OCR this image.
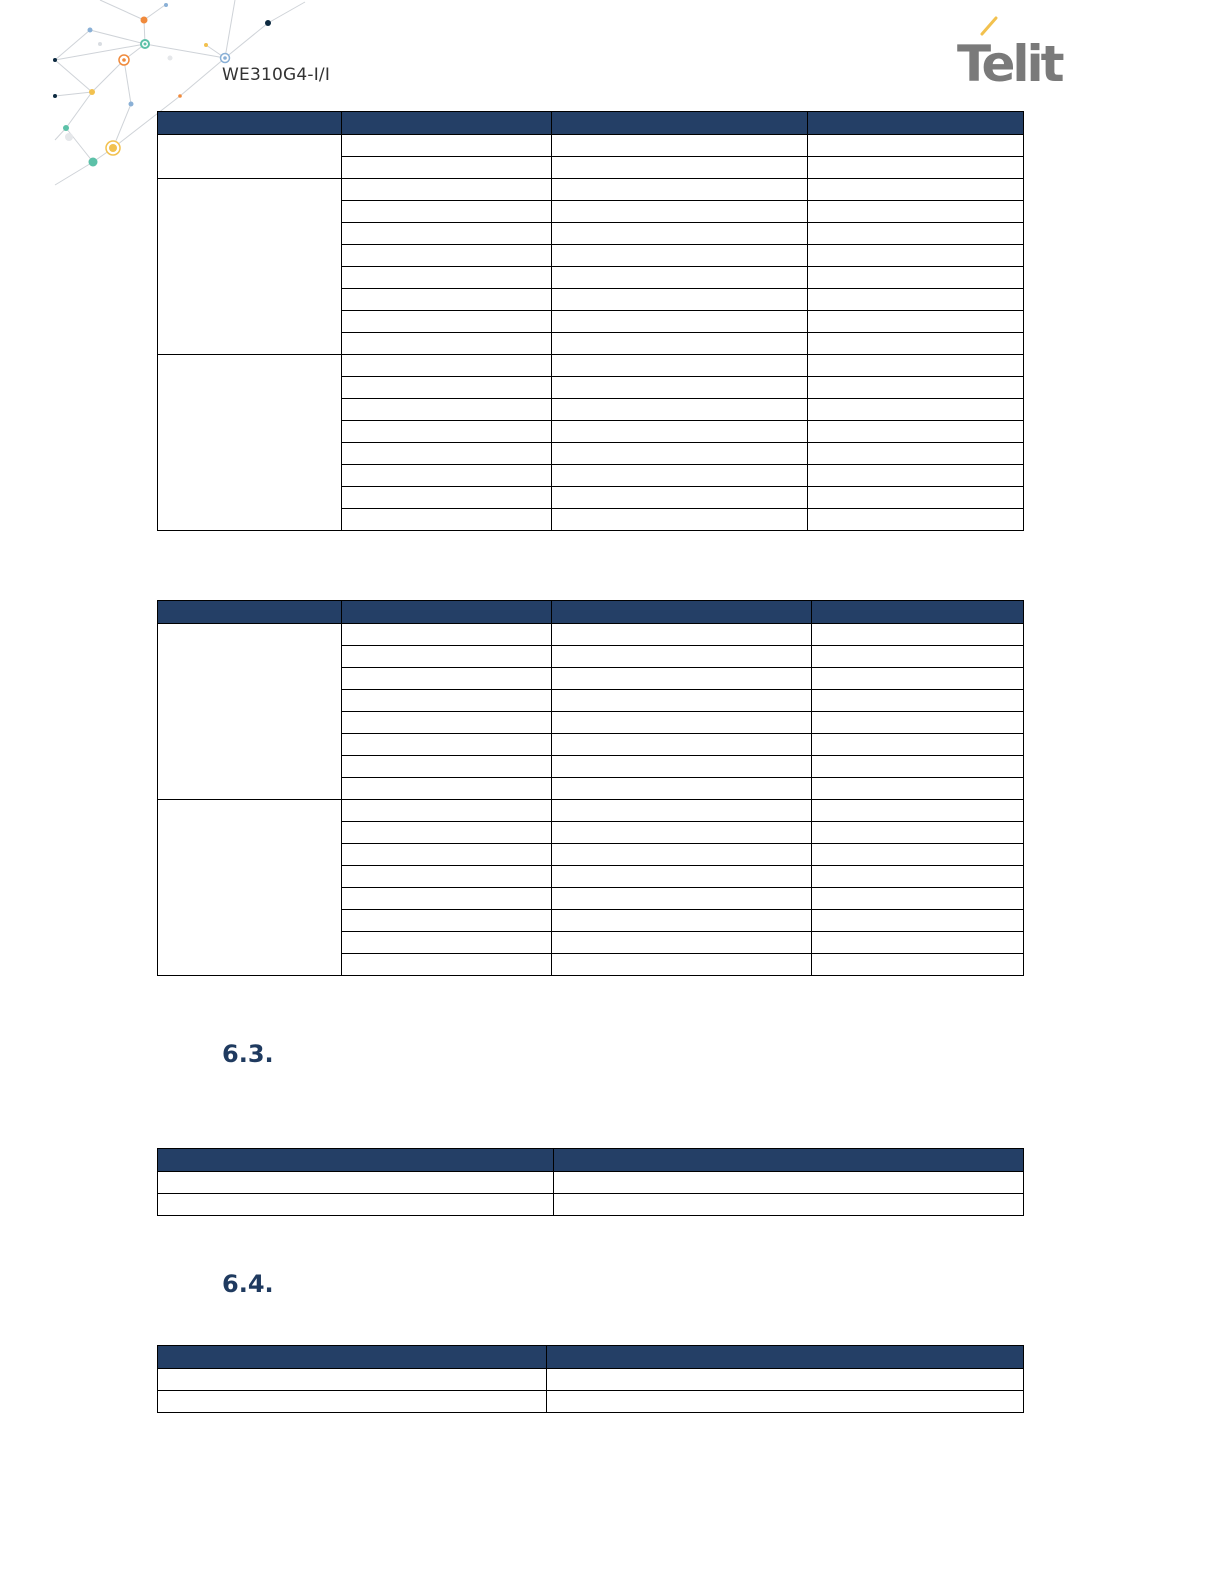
WE310G4-I/I	Telit

6.3.

6.4.
